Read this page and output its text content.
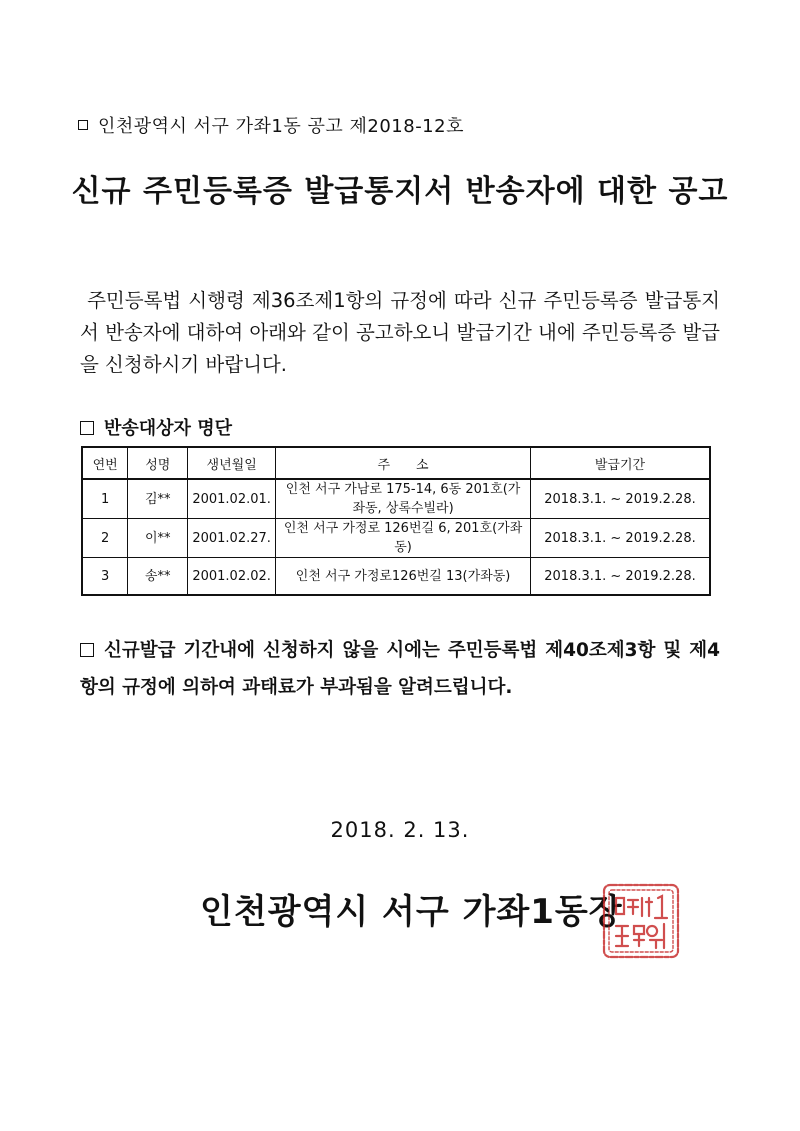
인천광역시 서구 가좌1동 공고 제2018-12호
신규 주민등록증 발급통지서 반송자에 대한 공고
주민등록법 시행령 제36조제1항의 규정에 따라 신규 주민등록증 발급통지서 반송자에 대하여 아래와 같이 공고하오니 발급기간 내에 주민등록증 발급을 신청하시기 바랍니다.
반송대상자 명단
연번	성명	생년월일	주　　소	발급기간
1	김**	2001.02.01.	인천 서구 가남로 175-14, 6동 201호(가좌동, 상록수빌라)	2018.3.1. ~ 2019.2.28.
2	이**	2001.02.27.	인천 서구 가정로 126번길 6, 201호(가좌동)	2018.3.1. ~ 2019.2.28.
3	송**	2001.02.02.	인천 서구 가정로126번길 13(가좌동)	2018.3.1. ~ 2019.2.28.
신규발급 기간내에 신청하지 않을 시에는 주민등록법 제40조제3항 및 제4항의 규정에 의하여 과태료가 부과됨을 알려드립니다.
2018. 2. 13.
인천광역시 서구 가좌1동장
